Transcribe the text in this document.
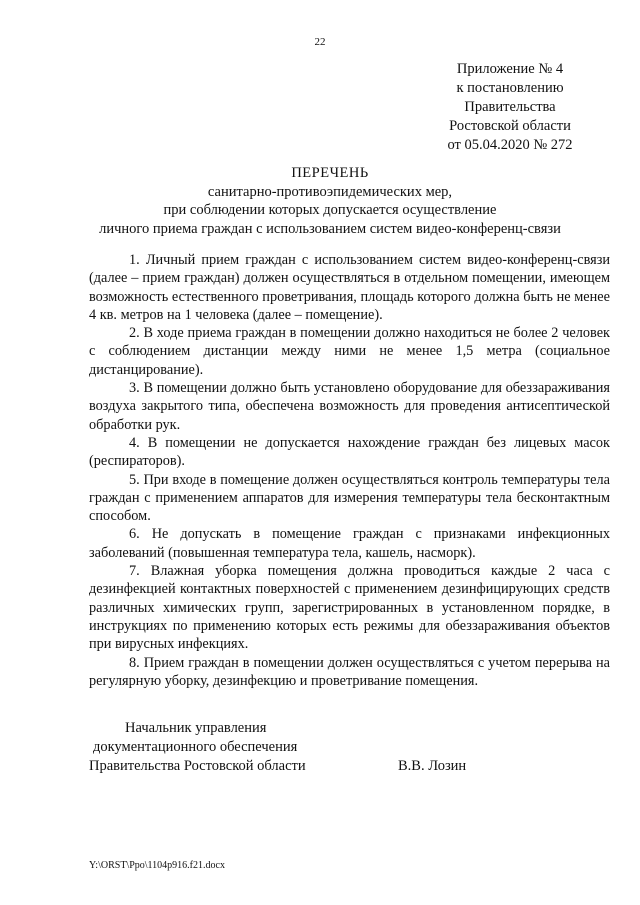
22
Приложение № 4
к постановлению
Правительства
Ростовской области
от 05.04.2020 № 272
ПЕРЕЧЕНЬ
санитарно-противоэпидемических мер,
при соблюдении которых допускается осуществление
личного приема граждан с использованием систем видео-конференц-связи

1. Личный прием граждан с использованием систем видео-конференц-связи (далее – прием граждан) должен осуществляться в отдельном помещении, имеющем возможность естественного проветривания, площадь которого должна быть не менее 4 кв. метров на 1 человека (далее – помещение).

2. В ходе приема граждан в помещении должно находиться не более 2 человек с соблюдением дистанции между ними не менее 1,5 метра (социальное дистанцирование).

3. В помещении должно быть установлено оборудование для обеззараживания воздуха закрытого типа, обеспечена возможность для проведения антисептической обработки рук.

4. В помещении не допускается нахождение граждан без лицевых масок (респираторов).

5. При входе в помещение должен осуществляться контроль температуры тела граждан с применением аппаратов для измерения температуры тела бесконтактным способом.

6. Не допускать в помещение граждан с признаками инфекционных заболеваний (повышенная температура тела, кашель, насморк).

7. Влажная уборка помещения должна проводиться каждые 2 часа с дезинфекцией контактных поверхностей с применением дезинфицирующих средств различных химических групп, зарегистрированных в установленном порядке, в инструкциях по применению которых есть режимы для обеззараживания объектов при вирусных инфекциях.

8. Прием граждан в помещении должен осуществляться с учетом перерыва на регулярную уборку, дезинфекцию и проветривание помещения.

Начальник управления
документационного обеспечения
Правительства Ростовской области	В.В. Лозин
Y:\ORST\Ppo\1104p916.f21.docx
